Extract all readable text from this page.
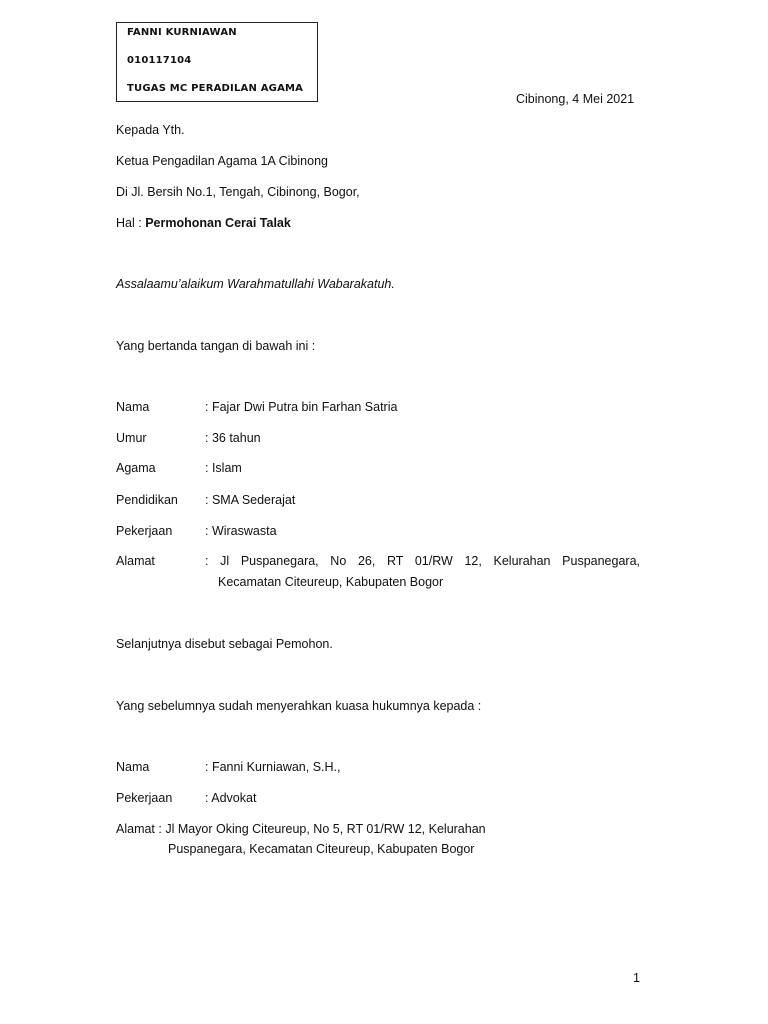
FANNI KURNIAWAN
010117104
TUGAS MC PERADILAN AGAMA
Cibinong, 4 Mei 2021
Kepada Yth.
Ketua Pengadilan Agama 1A Cibinong
Di Jl. Bersih No.1, Tengah, Cibinong, Bogor,
Hal : Permohonan Cerai Talak
Assalaamu’alaikum Warahmatullahi Wabarakatuh.
Yang bertanda tangan di bawah ini :
Nama	: Fajar Dwi Putra bin Farhan Satria
Umur	: 36 tahun
Agama	: Islam
Pendidikan : SMA Sederajat
Pekerjaan	: Wiraswasta
Alamat	: Jl Puspanegara, No 26, RT 01/RW 12, Kelurahan Puspanegara,
Kecamatan Citeureup, Kabupaten Bogor
Selanjutnya disebut sebagai Pemohon.
Yang sebelumnya sudah menyerahkan kuasa hukumnya kepada :
Nama	: Fanni Kurniawan, S.H.,
Pekerjaan	: Advokat
Alamat : Jl Mayor Oking Citeureup, No 5, RT 01/RW 12, Kelurahan
Puspanegara, Kecamatan Citeureup, Kabupaten Bogor
1
